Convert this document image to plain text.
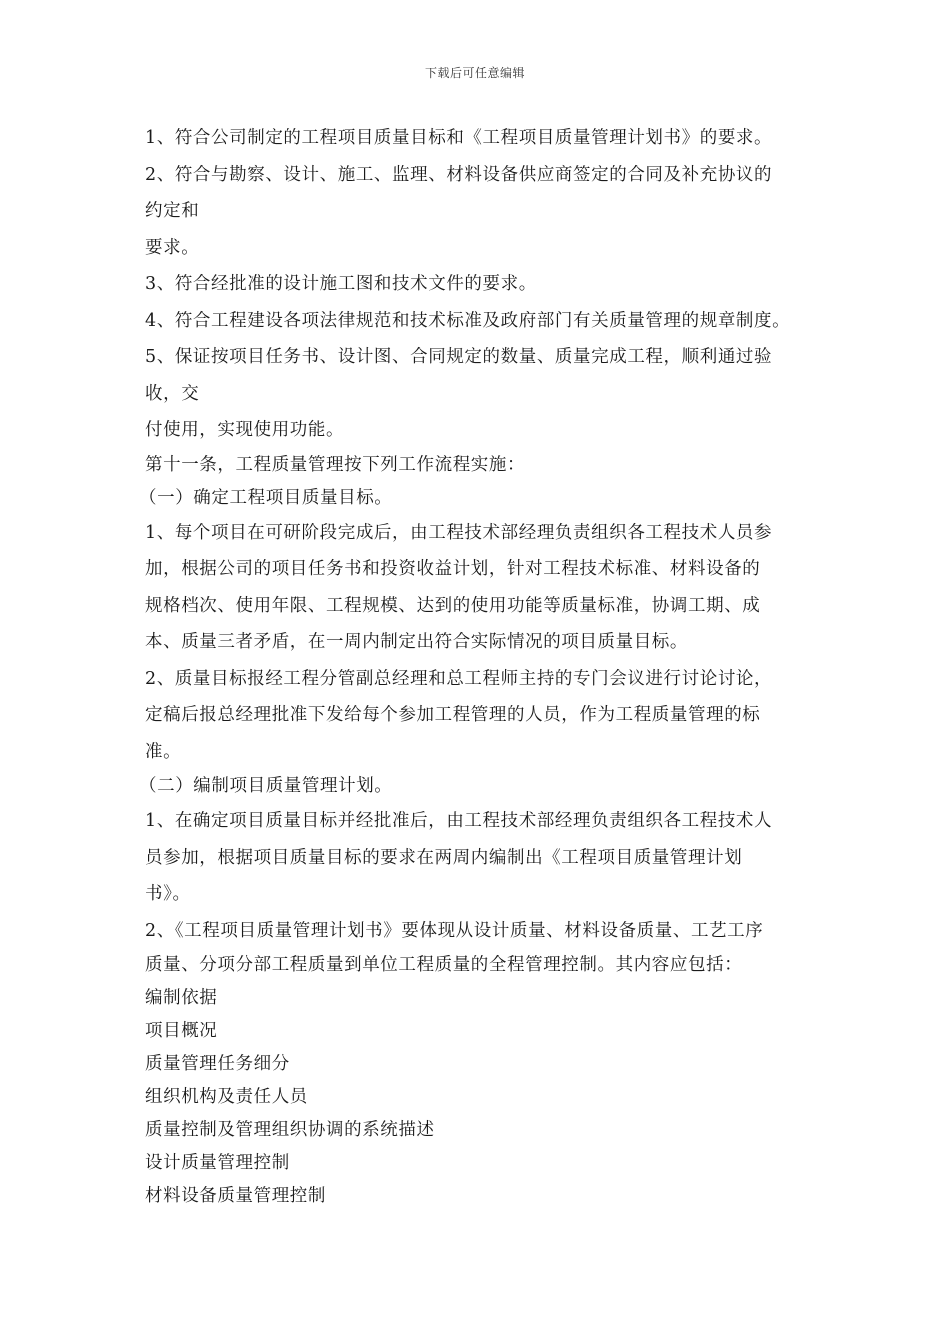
下载后可任意编辑
1、符合公司制定的工程项目质量目标和《工程项目质量管理计划书》的要求。
2、符合与勘察、设计、施工、监理、材料设备供应商签定的合同及补充协议的
约定和
要求。
3、符合经批准的设计施工图和技术文件的要求。
4、符合工程建设各项法律规范和技术标准及政府部门有关质量管理的规章制度。
5、保证按项目任务书、设计图、合同规定的数量、质量完成工程，顺利通过验
收，交
付使用，实现使用功能。
第十一条，工程质量管理按下列工作流程实施：
（一）确定工程项目质量目标。
1、每个项目在可研阶段完成后，由工程技术部经理负责组织各工程技术人员参
加，根据公司的项目任务书和投资收益计划，针对工程技术标准、材料设备的
规格档次、使用年限、工程规模、达到的使用功能等质量标准，协调工期、成
本、质量三者矛盾，在一周内制定出符合实际情况的项目质量目标。
2、质量目标报经工程分管副总经理和总工程师主持的专门会议进行讨论讨论，
定稿后报总经理批准下发给每个参加工程管理的人员，作为工程质量管理的标
准。
（二）编制项目质量管理计划。
1、在确定项目质量目标并经批准后，由工程技术部经理负责组织各工程技术人
员参加，根据项目质量目标的要求在两周内编制出《工程项目质量管理计划
书》。
2、《工程项目质量管理计划书》要体现从设计质量、材料设备质量、工艺工序
质量、分项分部工程质量到单位工程质量的全程管理控制。其内容应包括：
编制依据
项目概况
质量管理任务细分
组织机构及责任人员
质量控制及管理组织协调的系统描述
设计质量管理控制
材料设备质量管理控制
